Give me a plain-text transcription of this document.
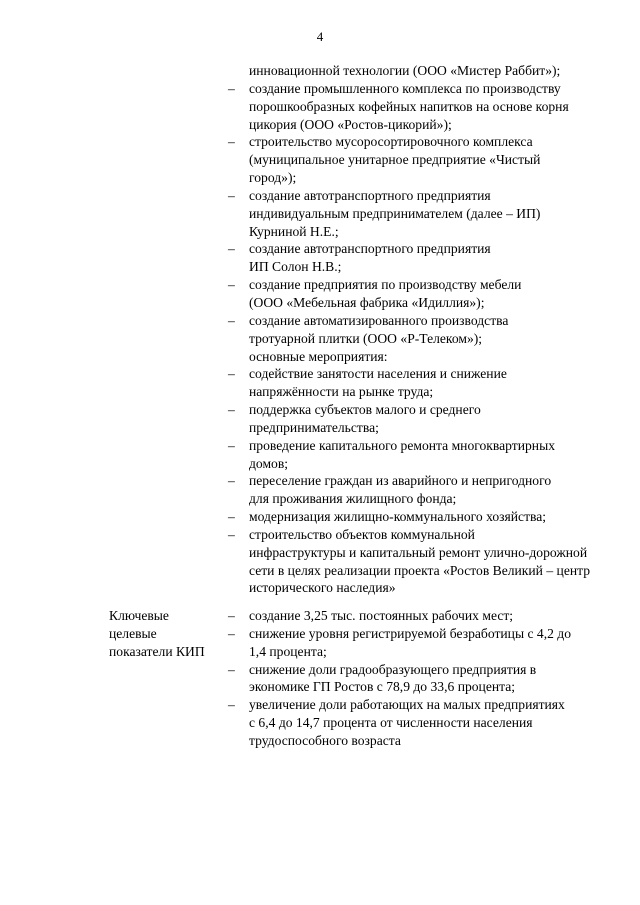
4
инновационной технологии (ООО «Мистер Раббит»);
– создание промышленного комплекса по производству
порошкообразных кофейных напитков на основе корня
цикория (ООО «Ростов-цикорий»);
– строительство мусоросортировочного комплекса
(муниципальное унитарное предприятие «Чистый
город»);
– создание автотранспортного предприятия
индивидуальным предпринимателем (далее – ИП)
Курниной Н.Е.;
– создание автотранспортного предприятия
ИП Солон Н.В.;
– создание предприятия по производству мебели
(ООО «Мебельная фабрика «Идиллия»);
– создание автоматизированного производства
тротуарной плитки (ООО «Р-Телеком»);
основные мероприятия:
– содействие занятости населения и снижение
напряжённости на рынке труда;
– поддержка субъектов малого и среднего
предпринимательства;
– проведение капитального ремонта многоквартирных
домов;
– переселение граждан из аварийного и непригодного
для проживания жилищного фонда;
– модернизация жилищно-коммунального хозяйства;
– строительство объектов коммунальной
инфраструктуры и капитальный ремонт улично-дорожной
сети в целях реализации проекта «Ростов Великий – центр
исторического наследия»
Ключевые
целевые
показатели КИП
– создание 3,25 тыс. постоянных рабочих мест;
– снижение уровня регистрируемой безработицы с 4,2 до
1,4 процента;
– снижение доли градообразующего предприятия в
экономике ГП Ростов с 78,9 до 33,6 процента;
– увеличение доли работающих на малых предприятиях
с 6,4 до 14,7 процента от численности населения
трудоспособного возраста
